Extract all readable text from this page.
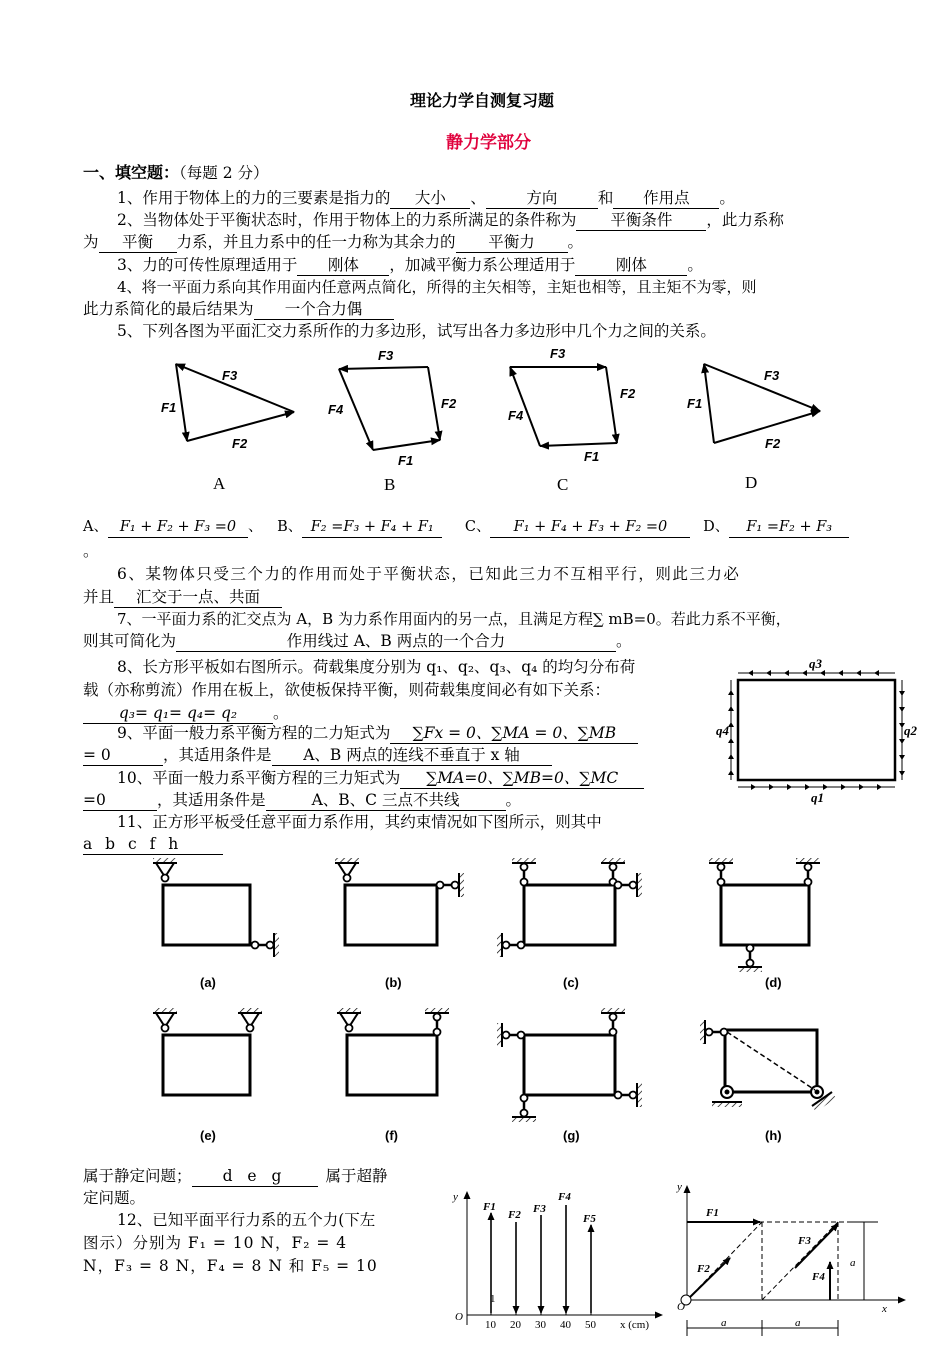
理论力学自测复习题
静力学部分
一、填空题：（每题 2 分）
1、作用于物体上的力的三要素是指力的 大小 、	方向	和 作用点 。
2、当物体处于平衡状态时，作用于物体上的力系所满足的条件称为 平衡条件 ，此力系称
为 平衡 力系，并且力系中的任一力称为其余力的 平衡力 。
3、力的可传性原理适用于 刚体 ，加减平衡力系公理适用于	刚体	。
4、将一平面力系向其作用面内任意两点简化，所得的主矢相等，主矩也相等，且主矩不为零，则
此力系简化的最后结果为 一个合力偶
5、下列各图为平面汇交力系所作的力多边形，试写出各力多边形中几个力之间的关系。
F3
F1
F2
F3
F4	F2
F1
F3
F4
F2
F1
F3
F1
F2
A	B	C	D
A、 F₁ + F₂ + F₃ =0 、 B、 F₂ =F₃ + F₄ + F₁ C、 F₁ + F₄ + F₃ + F₂ =0 D、 F₁ =F₂ + F₃
。
6、某物体只受三个力的作用而处于平衡状态，已知此三力不互相平行，则此三力必
并且 汇交于一点、共面
7、一平面力系的汇交点为 A，B 为力系作用面内的另一点，且满足方程∑ mB=0。若此力系不平衡，
则其可简化为	作用线过 A、B 两点的一个合力	。
8、长方形平板如右图所示。荷载集度分别为 q₁、q₂、q₃、q₄ 的均匀分布荷
载（亦称剪流）作用在板上，欲使板保持平衡，则荷载集度间必有如下关系：
q₃= q₁= q₄= q₂ 。
q3
q1
q4	q2
9、平面一般力系平衡方程的二力矩式为 ∑Fx = 0、∑MA = 0、∑MB
= 0	，其适用条件是 A、B 两点的连线不垂直于 x 轴
10、平面一般力系平衡方程的三力矩式为 ∑MA=0、∑MB=0、∑MC
=0	，其适用条件是	A、B、C 三点不共线	。
11、正方形平板受任意平面力系作用，其约束情况如下图所示，则其中
a b c f h
(a)	(b)	(c)	(d)
(e)	(f)	(g)	(h)
属于静定问题； d e g	属于超静
定问题。
12、已知平面平行力系的五个力(下左
图示）分别为 F₁ = 10 N，F₂ = 4
N，F₃ = 8 N，F₄ = 8 N 和 F₅ = 10
y
O
x (cm)
1
10 20 30 40 50
F1
F2 F3
F4
F5
y
O	x
a
a	a
F1
F2
F3
F4
